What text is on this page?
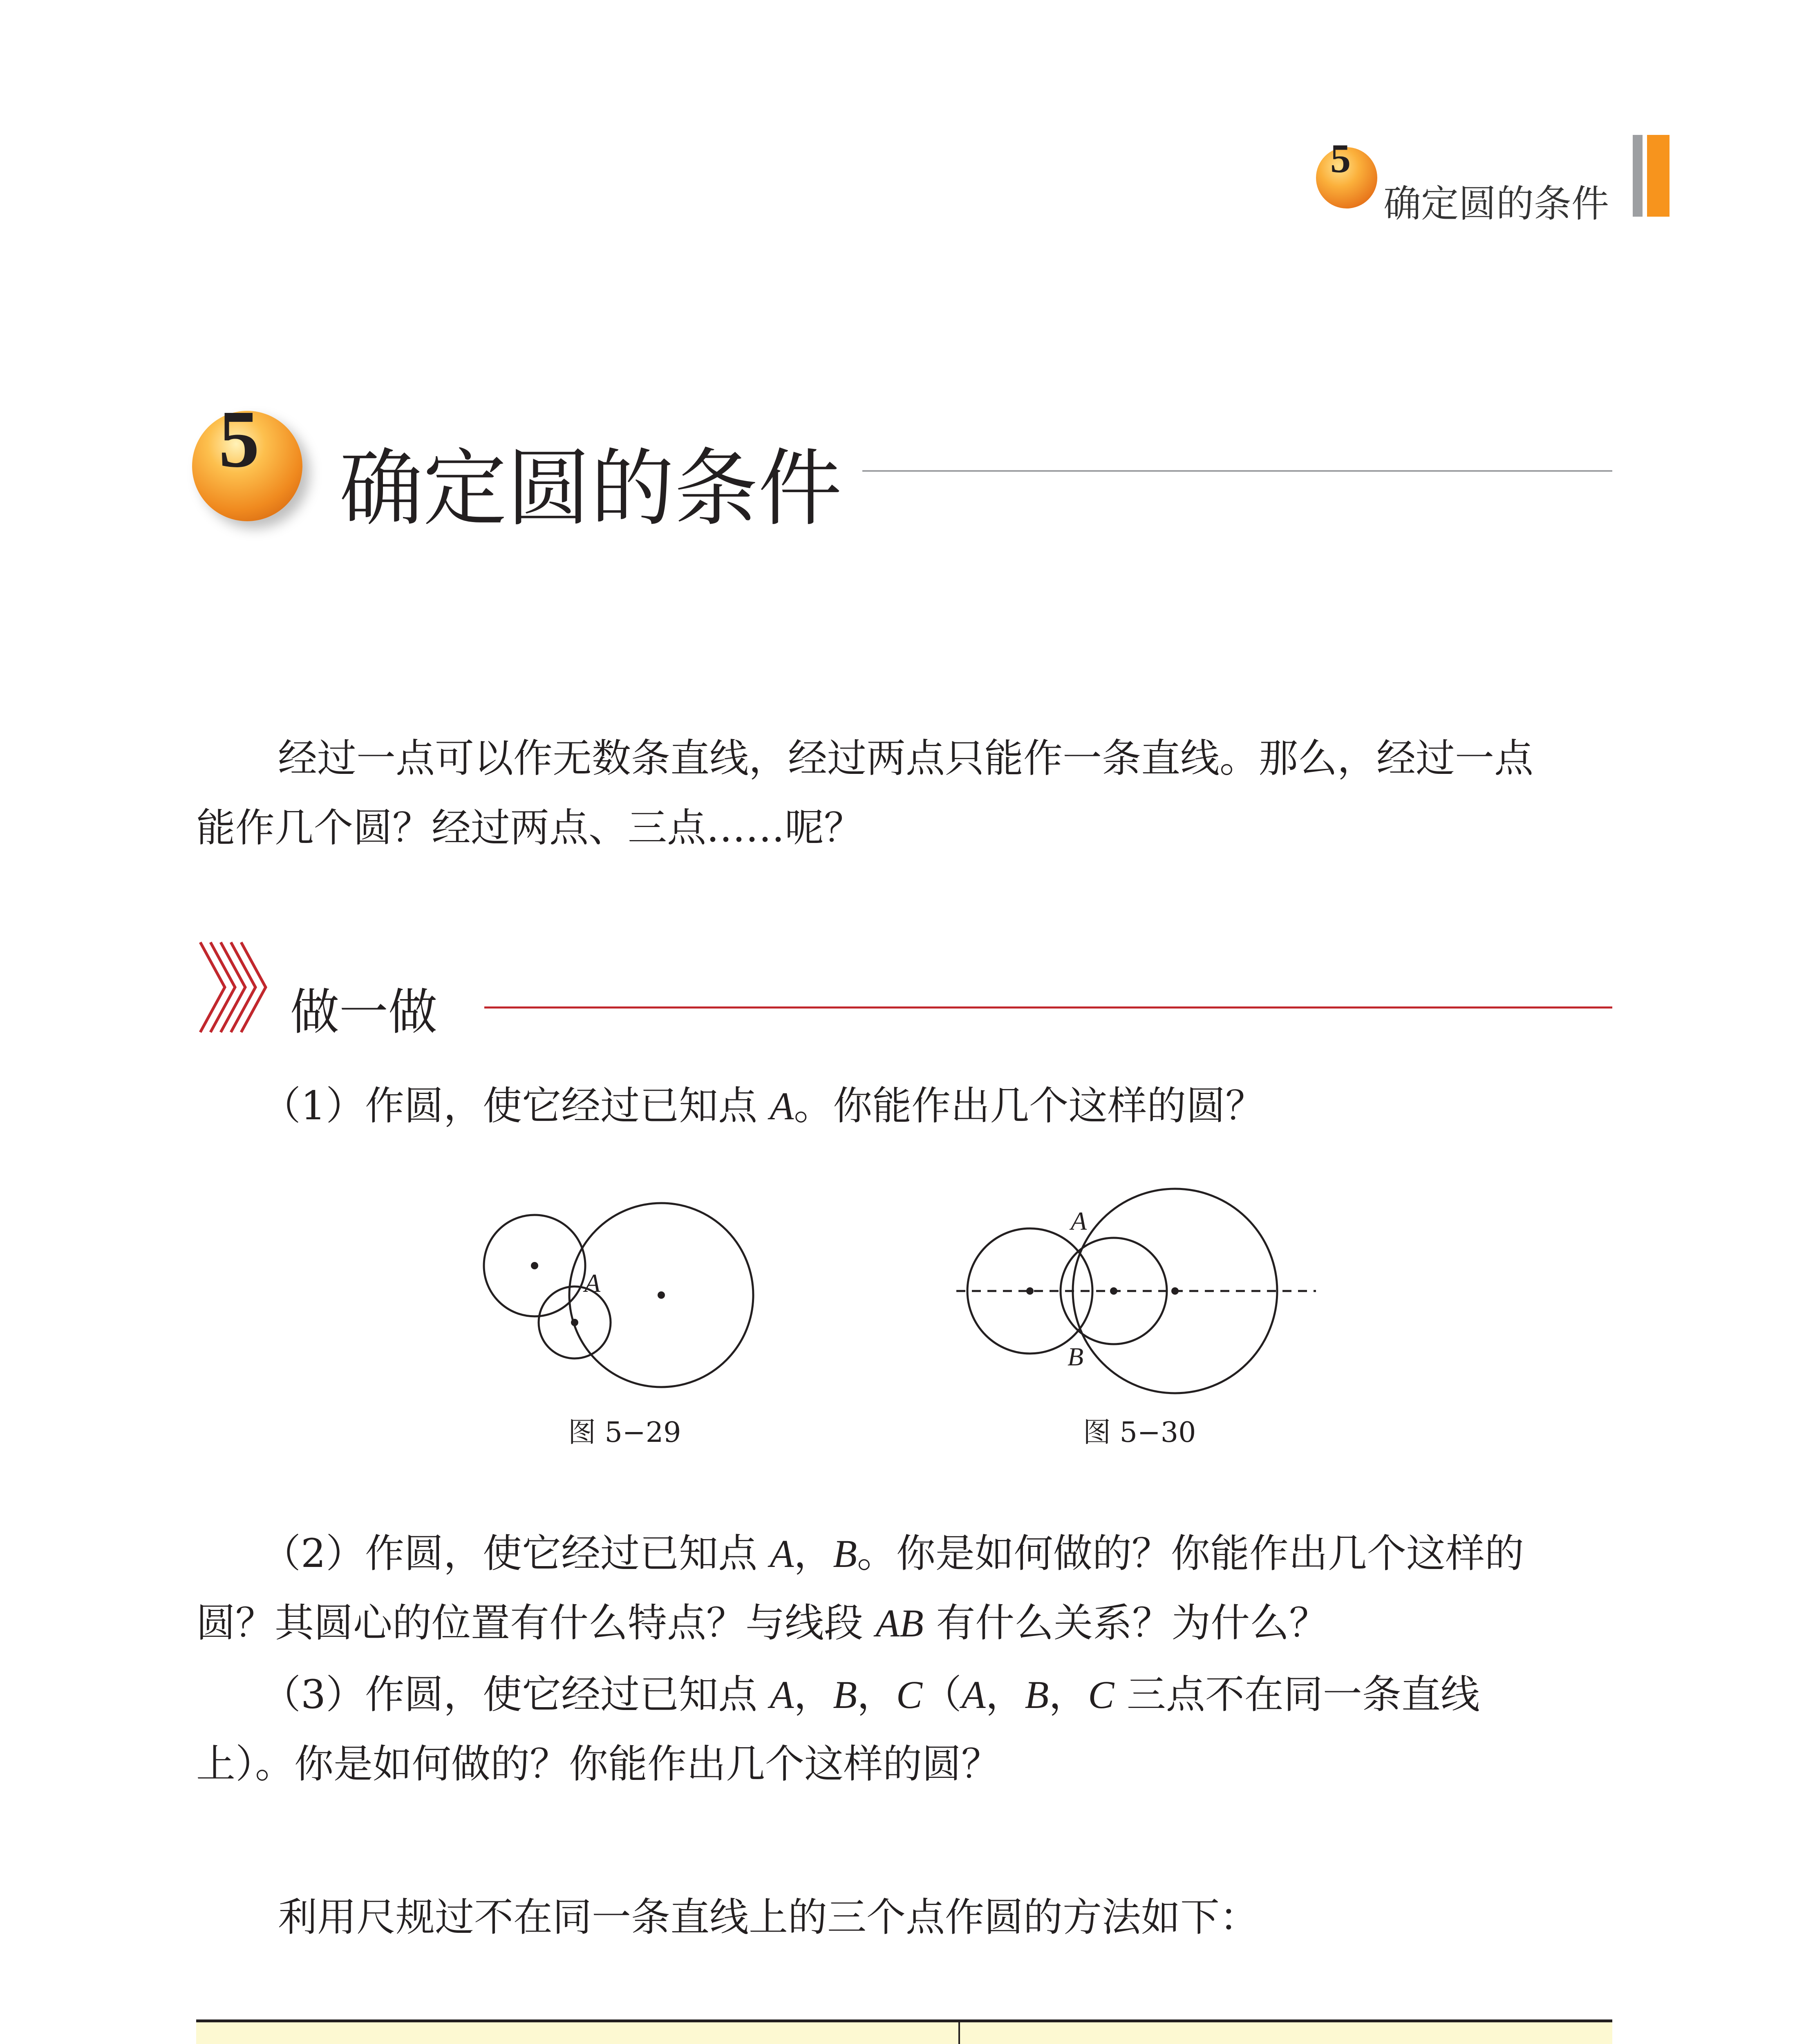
5
确定圆的条件
5
确定圆的条件
经过一点可以作无数条直线，经过两点只能作一条直线。那么，经过一点
能作几个圆？经过两点、三点……呢？
做一做
（1）作圆，使它经过已知点 A。你能作出几个这样的圆？
A
图 5−29
A
B
图 5−30
（2）作圆，使它经过已知点 A，B。你是如何做的？你能作出几个这样的
圆？其圆心的位置有什么特点？与线段 AB 有什么关系？为什么？
（3）作圆，使它经过已知点 A，B，C（A，B，C 三点不在同一条直线
上）。你是如何做的？你能作出几个这样的圆？
利用尺规过不在同一条直线上的三个点作圆的方法如下：
